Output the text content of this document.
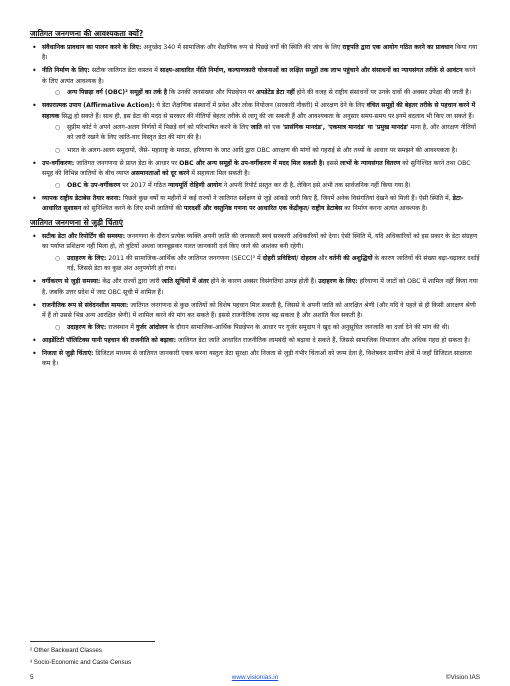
जातिगत जनगणना की आवश्यकता क्यों?
• संवैधानिक प्रावधान का पालन करने के लिए: अनुच्छेद 340 में सामाजिक और शैक्षणिक रूप से पिछड़े वर्गों की स्थिति की जांच के लिए राष्ट्रपति द्वारा एक आयोग गठित करने का प्रावधान किया गया है।
• नीति निर्माण के लिए: सटीक जातिगत डेटा वास्तव में साक्ष्य-आधारित नीति निर्माण, कल्याणकारी योजनाओं का लक्षित समूहों तक लाभ पहुंचाने और संसाधनों का न्यायसंगत तरीके से आवंटन करने के लिए अत्यंत आवश्यक है।
○ अन्य पिछड़ा वर्ग (OBC)² समूहों का तर्क है कि उनकी जनसंख्या और पिछड़ेपन पर अपडेटेड डेटा नहीं होने की वजह से राष्ट्रीय संसाधनों पर उनके दावों की अक्सर उपेक्षा की जाती है।
• सकारात्मक उपाय (Affirmative Action): ये डेटा शैक्षणिक संस्थानों में प्रवेश और लोक नियोजन (सरकारी नौकरी) में आरक्षण देने के लिए वंचित समूहों की बेहतर तरीके से पहचान करने में सहायक सिद्ध हो सकते हैं। साथ ही, इस डेटा की मदद से सरकार की नीतियों बेहतर तरीके से लागू की जा सकती हैं और आवश्यकता के अनुसार समय-समय पर इनमें बदलाव भी किए जा सकते हैं।
○ सुप्रीम कोर्ट ने अपने अलग-अलग निर्णयों में पिछड़े वर्ग को परिभाषित करने के लिए जाति को एक 'प्रासंगिक मानदंड', 'एकमात्र मानदंड' या 'प्रमुख मानदंड' माना है, और आरक्षण नीतियों को जारी रखने के लिए जाति-वार विस्तृत डेटा की मांग की है।
○ भारत के अलग-अलग समुदायों, जैसे- महाराष्ट्र के मराठा, हरियाणा के जाट आदि द्वारा OBC आरक्षण की मांगों को गहराई से और तथ्यों के आधार पर समझने की आवश्यकता है।
• उप-वर्गीकरण: जातिगत जनगणना से प्राप्त डेटा के आधार पर OBC और अन्य समूहों के उप-वर्गीकरण में मदद मिल सकती है। इससे लाभों के न्यायसंगत वितरण को सुनिश्चित करने तथा OBC समूह की विभिन्न जातियों के बीच व्याप्त असमानताओं को दूर करने में सहायता मिल सकती है।
○ OBC के उप-वर्गीकरण पर 2017 में गठित न्यायमूर्ति रोहिणी आयोग ने अपनी रिपोर्ट प्रस्तुत कर दी है, लेकिन इसे अभी तक सार्वजनिक नहीं किया गया है।
• व्यापक राष्ट्रीय डेटाबेस तैयार करना: पिछले कुछ वर्षों या महीनों में कई राज्यों ने जातिगत सर्वेक्षण से जुड़े आंकड़े जारी किए हैं, जिनमें अनेक विसंगतियां देखने को मिली हैं। ऐसी स्थिति में, डेटा-आधारित सुशासन को सुनिश्चित करने के लिए सभी जातियों की पारदर्शी और वस्तुनिष्ठ गणना पर आधारित एक केंद्रीकृत/ राष्ट्रीय डेटाबेस का निर्माण करना अत्यंत आवश्यक है।
जातिगत जनगणना से जुड़ी चिंताएं
• सटीक डेटा और रिपोर्टिंग की समस्या: जनगणना के दौरान प्रत्येक व्यक्ति अपनी जाति की जानकारी स्वयं सरकारी अधिकारियों को देगा। ऐसी स्थिति में, यदि अधिकारियों को इस प्रकार के डेटा संग्रहण का पर्याप्त प्रशिक्षण नहीं मिला हो, तो त्रुटियों अथवा जानबूझकर गलत जानकारी दर्ज किए जाने की आशंका बनी रहेगी।
○ उदाहरण के लिए: 2011 की सामाजिक-आर्थिक और जातिगत जनगणना (SECC)³ में दोहरी प्रविष्टियां/ दोहराव और वर्तनी की अशुद्धियों के कारण जातियों की संख्या बढ़ा-चढ़ाकर दर्शाई गई, जिससे डेटा का कुछ अंश अनुपयोगी हो गया।
• वर्गीकरण से जुड़ी समस्या: केंद्र और राज्यों द्वारा जारी जाति सूचियों में अंतर होने के कारण अक्सर विसंगतियां उत्पन्न होती हैं। उदाहरण के लिए: हरियाणा में जाटों को OBC में शामिल नहीं किया गया है, जबकि उत्तर प्रदेश में जाट OBC सूची में शामिल हैं।
• राजनीतिक रूप से संवेदनशील मामला: जातिगत जनगणना से कुछ जातियों को विशेष पहचान मिल सकती है, जिससे वे अपनी जाति को आरक्षित श्रेणी (और यदि वे पहले से ही किसी आरक्षण श्रेणी में हैं तो उससे भिन्न अन्य आरक्षित श्रेणी) में शामिल करने की मांग कर सकते हैं। इससे राजनीतिक तनाव बढ़ सकता है और अशांति फैल सकती है।
○ उदाहरण के लिए: राजस्थान में गुर्जर आंदोलन के दौरान सामाजिक-आर्थिक पिछड़ेपन के आधार पर गुर्जर समुदाय ने खुद को अनुसूचित जनजाति का दर्जा देने की मांग की थी।
• आइडेंटिटी पॉलिटिक्स यानी पहचान की राजनीति को बढ़ावा: जातिगत डेटा जाति आधारित राजनीतिक लामबंदी को बढ़ावा दे सकते हैं, जिससे सामाजिक विभाजन और अधिक गहरा हो सकता है।
• निजता से जुड़ी चिंताएं: डिजिटल माध्यम से जातिगत जानकारी एकत्र करना वस्तुतः डेटा सुरक्षा और निजता से जुड़ी गंभीर चिंताओं को जन्म देता है, विशेषकर ग्रामीण क्षेत्रों में जहाँ डिजिटल साक्षरता कम है।
² Other Backward Classes
³ Socio-Economic and Caste Census
5	www.visionias.in	©Vision IAS
